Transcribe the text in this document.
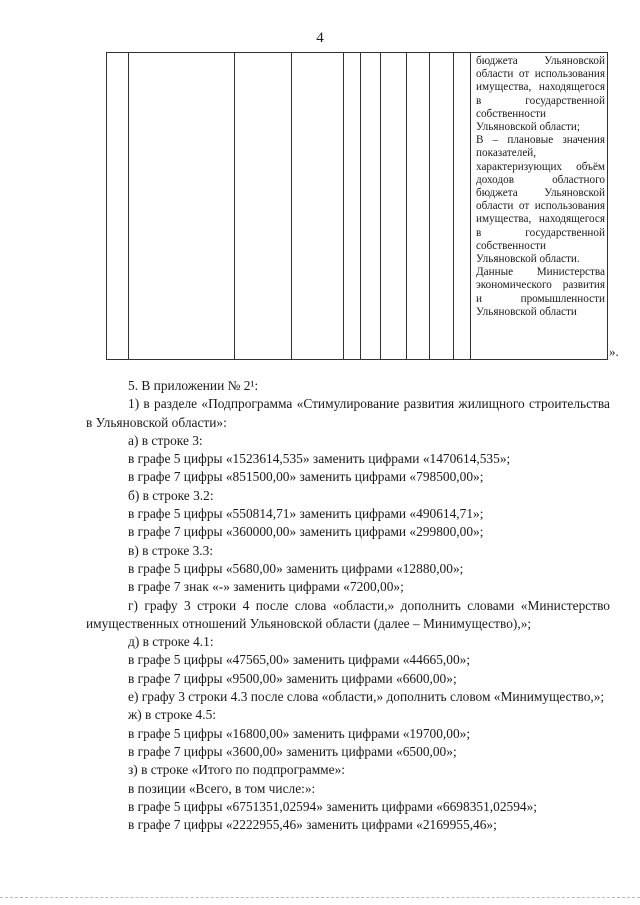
4

бюджета Ульяновской области от использования имущества, находящегося в государственной собственности Ульяновской области;

B – плановые значения показателей, характеризующих объём доходов областного бюджета Ульяновской области от использования имущества, находящегося в государственной собственности Ульяновской области.

Данные Министерства экономического развития и промышленности Ульяновской области

».

5. В приложении № 2¹:

1) в разделе «Подпрограмма «Стимулирование развития жилищного строительства в Ульяновской области»:

а) в строке 3:

в графе 5 цифры «1523614,535» заменить цифрами «1470614,535»;

в графе 7 цифры «851500,00» заменить цифрами «798500,00»;

б) в строке 3.2:

в графе 5 цифры «550814,71» заменить цифрами «490614,71»;

в графе 7 цифры «360000,00» заменить цифрами «299800,00»;

в) в строке 3.3:

в графе 5 цифры «5680,00» заменить цифрами «12880,00»;

в графе 7 знак «-» заменить цифрами «7200,00»;

г) графу 3 строки 4 после слова «области,» дополнить словами «Министерство имущественных отношений Ульяновской области (далее – Минимущество),»;

д) в строке 4.1:

в графе 5 цифры «47565,00» заменить цифрами «44665,00»;

в графе 7 цифры «9500,00» заменить цифрами «6600,00»;

е) графу 3 строки 4.3 после слова «области,» дополнить словом «Минимущество,»;

ж) в строке 4.5:

в графе 5 цифры «16800,00» заменить цифрами «19700,00»;

в графе 7 цифры «3600,00» заменить цифрами «6500,00»;

з) в строке «Итого по подпрограмме»:

в позиции «Всего, в том числе:»:

в графе 5 цифры «6751351,02594» заменить цифрами «6698351,02594»;

в графе 7 цифры «2222955,46» заменить цифрами «2169955,46»;
